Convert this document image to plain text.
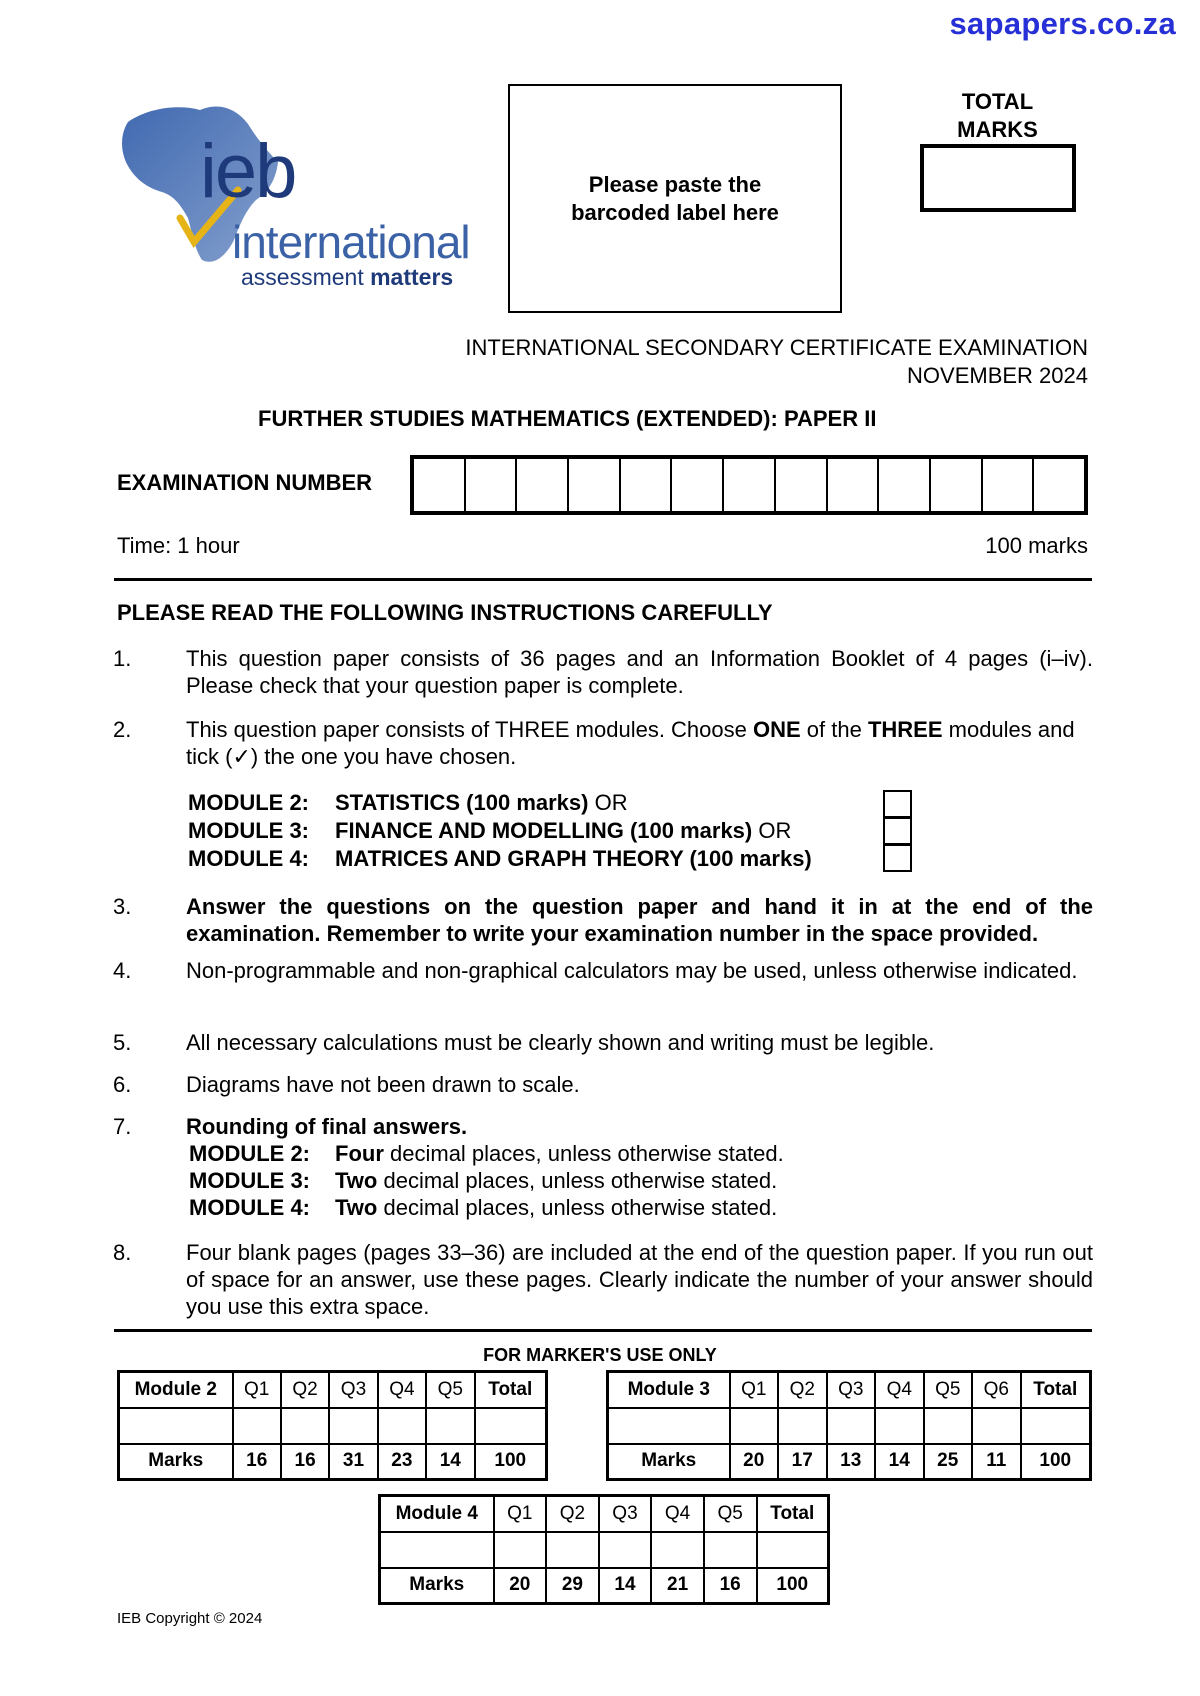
sapapers.co.za
ieb
international
assessment matters
Please paste the barcoded label here
TOTAL MARKS
INTERNATIONAL SECONDARY CERTIFICATE EXAMINATION
NOVEMBER 2024
FURTHER STUDIES MATHEMATICS (EXTENDED): PAPER II
EXAMINATION NUMBER
Time: 1 hour	100 marks
PLEASE READ THE FOLLOWING INSTRUCTIONS CAREFULLY
1.	This question paper consists of 36 pages and an Information Booklet of 4 pages (i–iv). Please check that your question paper is complete.
2.	This question paper consists of THREE modules. Choose ONE of the THREE modules and tick (✓) the one you have chosen.
MODULE 2: STATISTICS (100 marks) OR
MODULE 3: FINANCE AND MODELLING (100 marks) OR
MODULE 4: MATRICES AND GRAPH THEORY (100 marks)
3.	Answer the questions on the question paper and hand it in at the end of the examination. Remember to write your examination number in the space provided.
4.	Non-programmable and non-graphical calculators may be used, unless otherwise indicated.
5.	All necessary calculations must be clearly shown and writing must be legible.
6.	Diagrams have not been drawn to scale.
7.	Rounding of final answers.
MODULE 2: Four decimal places, unless otherwise stated.
MODULE 3: Two decimal places, unless otherwise stated.
MODULE 4: Two decimal places, unless otherwise stated.
8.	Four blank pages (pages 33–36) are included at the end of the question paper. If you run out of space for an answer, use these pages. Clearly indicate the number of your answer should you use this extra space.
FOR MARKER'S USE ONLY
Module 2	Q1	Q2	Q3	Q4	Q5	Total

Marks	16	16	31	23	14	100
Module 3	Q1	Q2	Q3	Q4	Q5	Q6	Total

Marks	20	17	13	14	25	11	100
Module 4	Q1	Q2	Q3	Q4	Q5	Total

Marks	20	29	14	21	16	100
IEB Copyright © 2024
